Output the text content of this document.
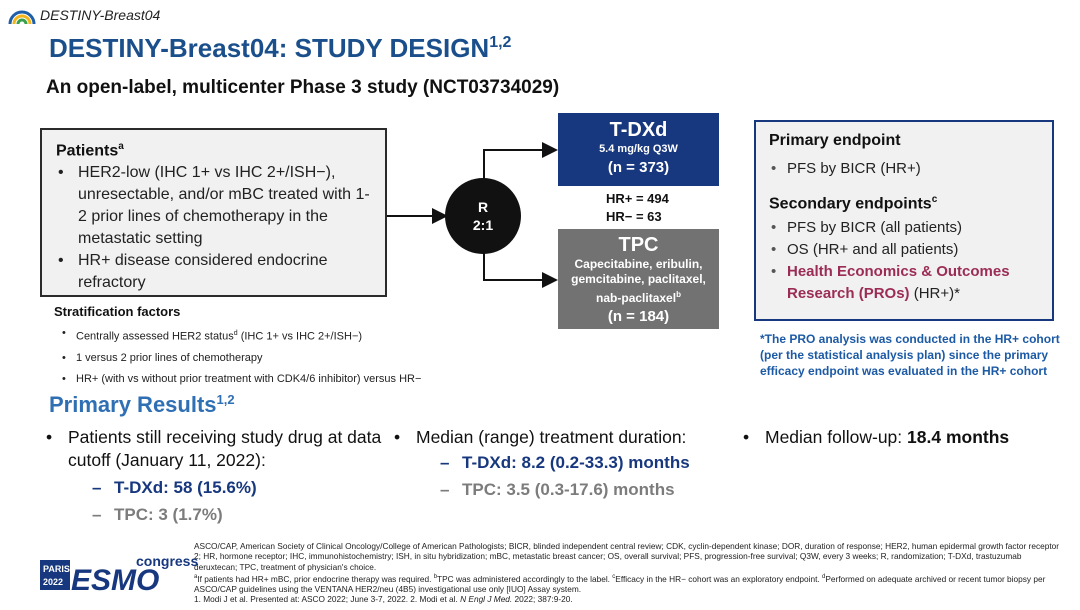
DESTINY-Breast04
DESTINY-Breast04: STUDY DESIGN$^{1,2}$
An open-label, multicenter Phase 3 study (NCT03734029)
Patients$^a$
• HER2-low (IHC 1+ vs IHC 2+/ISH−), unresectable, and/or mBC treated with 1-2 prior lines of chemotherapy in the metastatic setting
• HR+ disease considered endocrine refractory
R
2:1
T-DXd
5.4 mg/kg Q3W
(n = 373)
HR+ = 494
HR− = 63
TPC
Capecitabine, eribulin, gemcitabine, paclitaxel, nab-paclitaxel$^b$
(n = 184)
Primary endpoint
• PFS by BICR (HR+)
Secondary endpoints$^c$
• PFS by BICR (all patients)
• OS (HR+ and all patients)
• Health Economics & Outcomes Research (PROs) (HR+)*
*The PRO analysis was conducted in the HR+ cohort (per the statistical analysis plan) since the primary efficacy endpoint was evaluated in the HR+ cohort
Stratification factors
• Centrally assessed HER2 status$^d$ (IHC 1+ vs IHC 2+/ISH−)
• 1 versus 2 prior lines of chemotherapy
• HR+ (with vs without prior treatment with CDK4/6 inhibitor) versus HR−
Primary Results$^{1,2}$
• Patients still receiving study drug at data cutoff (January 11, 2022):
– T-DXd: 58 (15.6%)
– TPC: 3 (1.7%)
• Median (range) treatment duration:
– T-DXd: 8.2 (0.2-33.3) months
– TPC: 3.5 (0.3-17.6) months
• Median follow-up: 18.4 months
PARIS
2022 ESMO
congress
ASCO/CAP, American Society of Clinical Oncology/College of American Pathologists; BICR, blinded independent central review; CDK, cyclin-dependent kinase; DOR, duration of response; HER2, human epidermal growth factor receptor 2; HR, hormone receptor; IHC, immunohistochemistry; ISH, in situ hybridization; mBC, metastatic breast cancer; OS, overall survival; PFS, progression-free survival; Q3W, every 3 weeks; R, randomization; T-DXd, trastuzumab deruxtecan; TPC, treatment of physician's choice.
$^a$If patients had HR+ mBC, prior endocrine therapy was required. $^b$TPC was administered accordingly to the label. $^c$Efficacy in the HR− cohort was an exploratory endpoint. $^d$Performed on adequate archived or recent tumor biopsy per ASCO/CAP guidelines using the VENTANA HER2/neu (4B5) investigational use only [IUO] Assay system.
1. Modi J et al. Presented at: ASCO 2022; June 3-7, 2022. 2. Modi et al. N Engl J Med. 2022; 387:9-20.
